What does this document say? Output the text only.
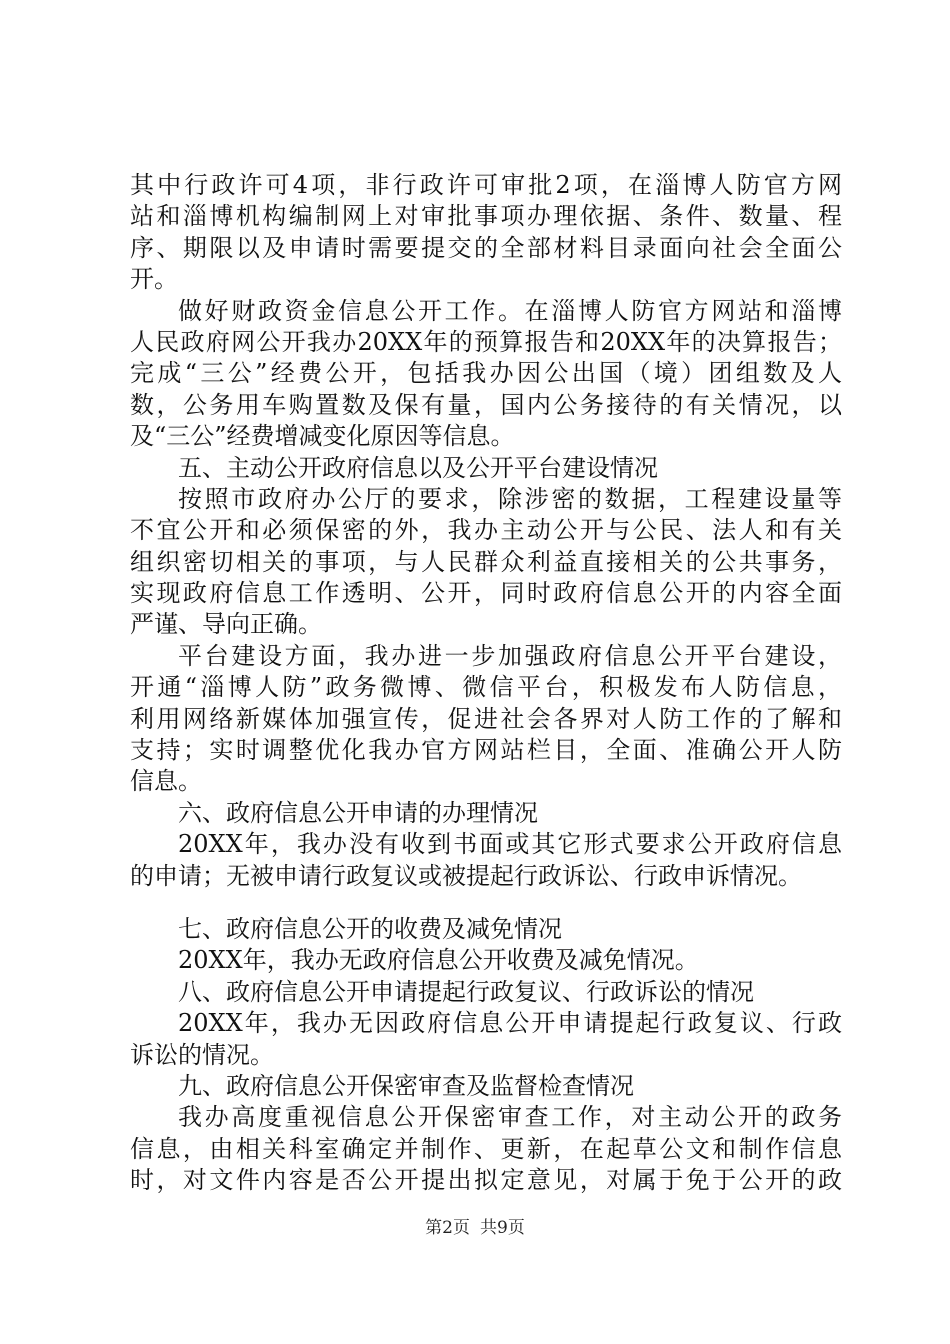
其中行政许可4项，非行政许可审批2项，在淄博人防官方网

站和淄博机构编制网上对审批事项办理依据、条件、数量、程

序、期限以及申请时需要提交的全部材料目录面向社会全面公

开。

做好财政资金信息公开工作。在淄博人防官方网站和淄博

人民政府网公开我办20XX年的预算报告和20XX年的决算报告；

完成“三公”经费公开，包括我办因公出国（境）团组数及人

数，公务用车购置数及保有量，国内公务接待的有关情况，以

及“三公”经费增减变化原因等信息。

五、主动公开政府信息以及公开平台建设情况

按照市政府办公厅的要求，除涉密的数据，工程建设量等

不宜公开和必须保密的外，我办主动公开与公民、法人和有关

组织密切相关的事项，与人民群众利益直接相关的公共事务，

实现政府信息工作透明、公开，同时政府信息公开的内容全面

严谨、导向正确。

平台建设方面，我办进一步加强政府信息公开平台建设，

开通“淄博人防”政务微博、微信平台，积极发布人防信息，

利用网络新媒体加强宣传，促进社会各界对人防工作的了解和

支持；实时调整优化我办官方网站栏目，全面、准确公开人防

信息。

六、政府信息公开申请的办理情况

20XX年，我办没有收到书面或其它形式要求公开政府信息

的申请；无被申请行政复议或被提起行政诉讼、行政申诉情况。

七、政府信息公开的收费及减免情况

20XX年，我办无政府信息公开收费及减免情况。

八、政府信息公开申请提起行政复议、行政诉讼的情况

20XX年，我办无因政府信息公开申请提起行政复议、行政

诉讼的情况。

九、政府信息公开保密审查及监督检查情况

我办高度重视信息公开保密审查工作，对主动公开的政务

信息，由相关科室确定并制作、更新，在起草公文和制作信息

时，对文件内容是否公开提出拟定意见，对属于免于公开的政

第2页 共9页
